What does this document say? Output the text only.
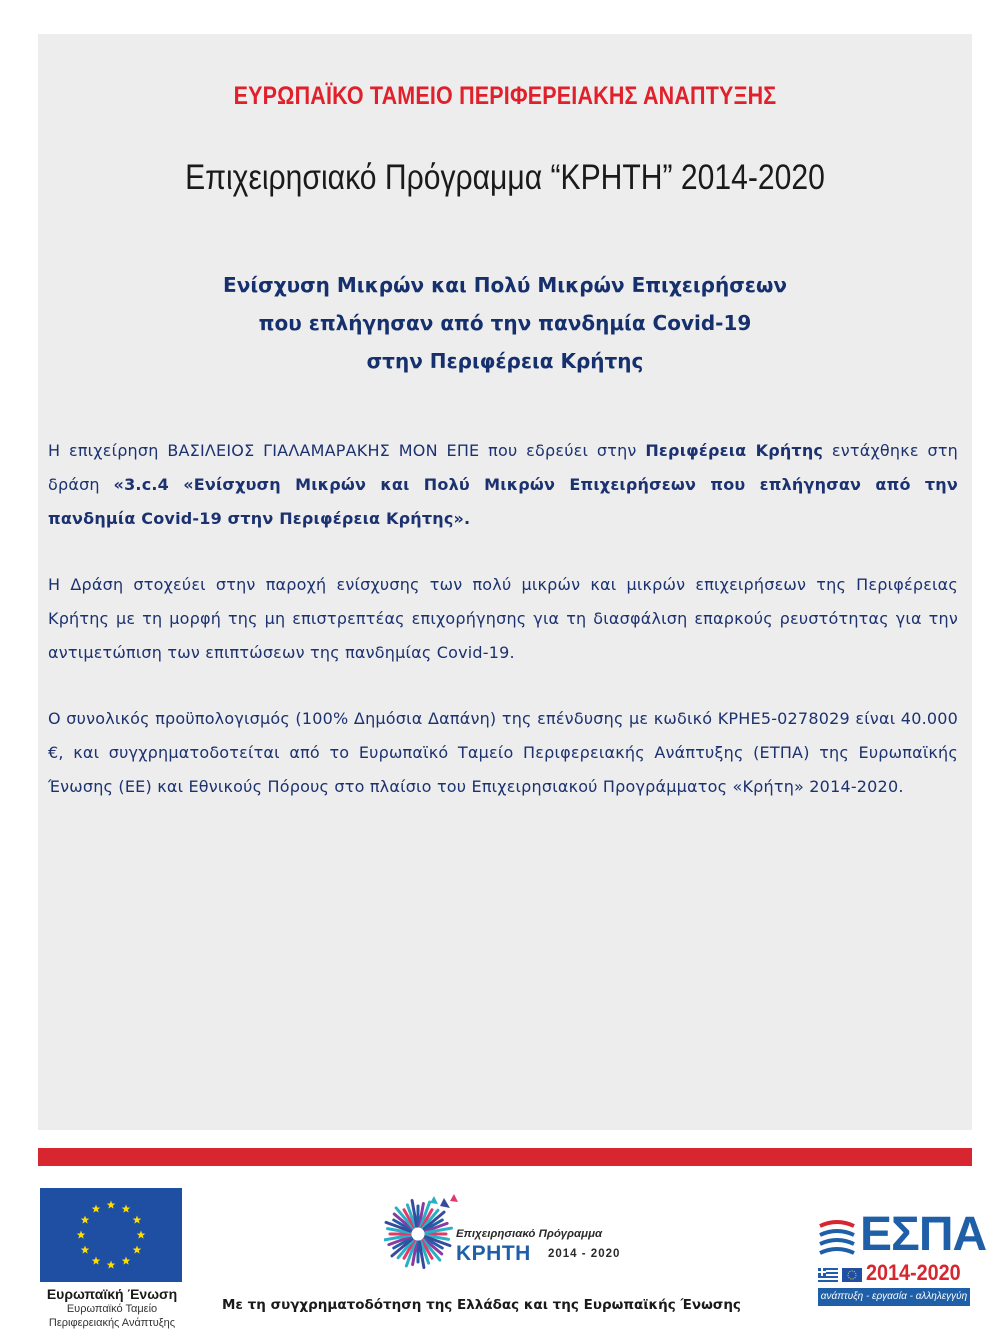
ΕΥΡΩΠΑΪΚΟ ΤΑΜΕΙΟ ΠΕΡΙΦΕΡΕΙΑΚΗΣ ΑΝΑΠΤΥΞΗΣ
Επιχειρησιακό Πρόγραμμα “ΚΡΗΤΗ” 2014-2020
Ενίσχυση Μικρών και Πολύ Μικρών Επιχειρήσεων
που επλήγησαν από την πανδημία Covid-19
στην Περιφέρεια Κρήτης
Η επιχείρηση ΒΑΣΙΛΕΙΟΣ ΓΙΑΛΑΜΑΡΑΚΗΣ ΜΟΝ ΕΠΕ που εδρεύει στην Περιφέρεια Κρήτης εντάχθηκε στη δράση «3.c.4 «Ενίσχυση Μικρών και Πολύ Μικρών Επιχειρήσεων που επλήγησαν από την πανδημία Covid-19 στην Περιφέρεια Κρήτης».
Η Δράση στοχεύει στην παροχή ενίσχυσης των πολύ μικρών και μικρών επιχειρήσεων της Περιφέρειας Κρήτης με τη μορφή της μη επιστρεπτέας επιχορήγησης για τη διασφάλιση επαρκούς ρευστότητας για την αντιμετώπιση των επιπτώσεων της πανδημίας Covid-19.
Ο συνολικός προϋπολογισμός (100% Δημόσια Δαπάνη) της επένδυσης με κωδικό ΚΡΗΕ5-0278029 είναι 40.000 €, και συγχρηματοδοτείται από το Ευρωπαϊκό Ταμείο Περιφερειακής Ανάπτυξης (ΕΤΠΑ) της Ευρωπαϊκής Ένωσης (ΕΕ) και Εθνικούς Πόρους στο πλαίσιο του Επιχειρησιακού Προγράμματος «Κρήτη» 2014-2020.
Ευρωπαϊκή Ένωση
Ευρωπαϊκό Ταμείο
Περιφερειακής Ανάπτυξης
Επιχειρησιακό Πρόγραμμα
ΚΡΗΤΗ 2014 - 2020	ΕΣΠΑ
2014-2020
ανάπτυξη - εργασία - αλληλεγγύη
Με τη συγχρηματοδότηση της Ελλάδας και της Ευρωπαϊκής Ένωσης
